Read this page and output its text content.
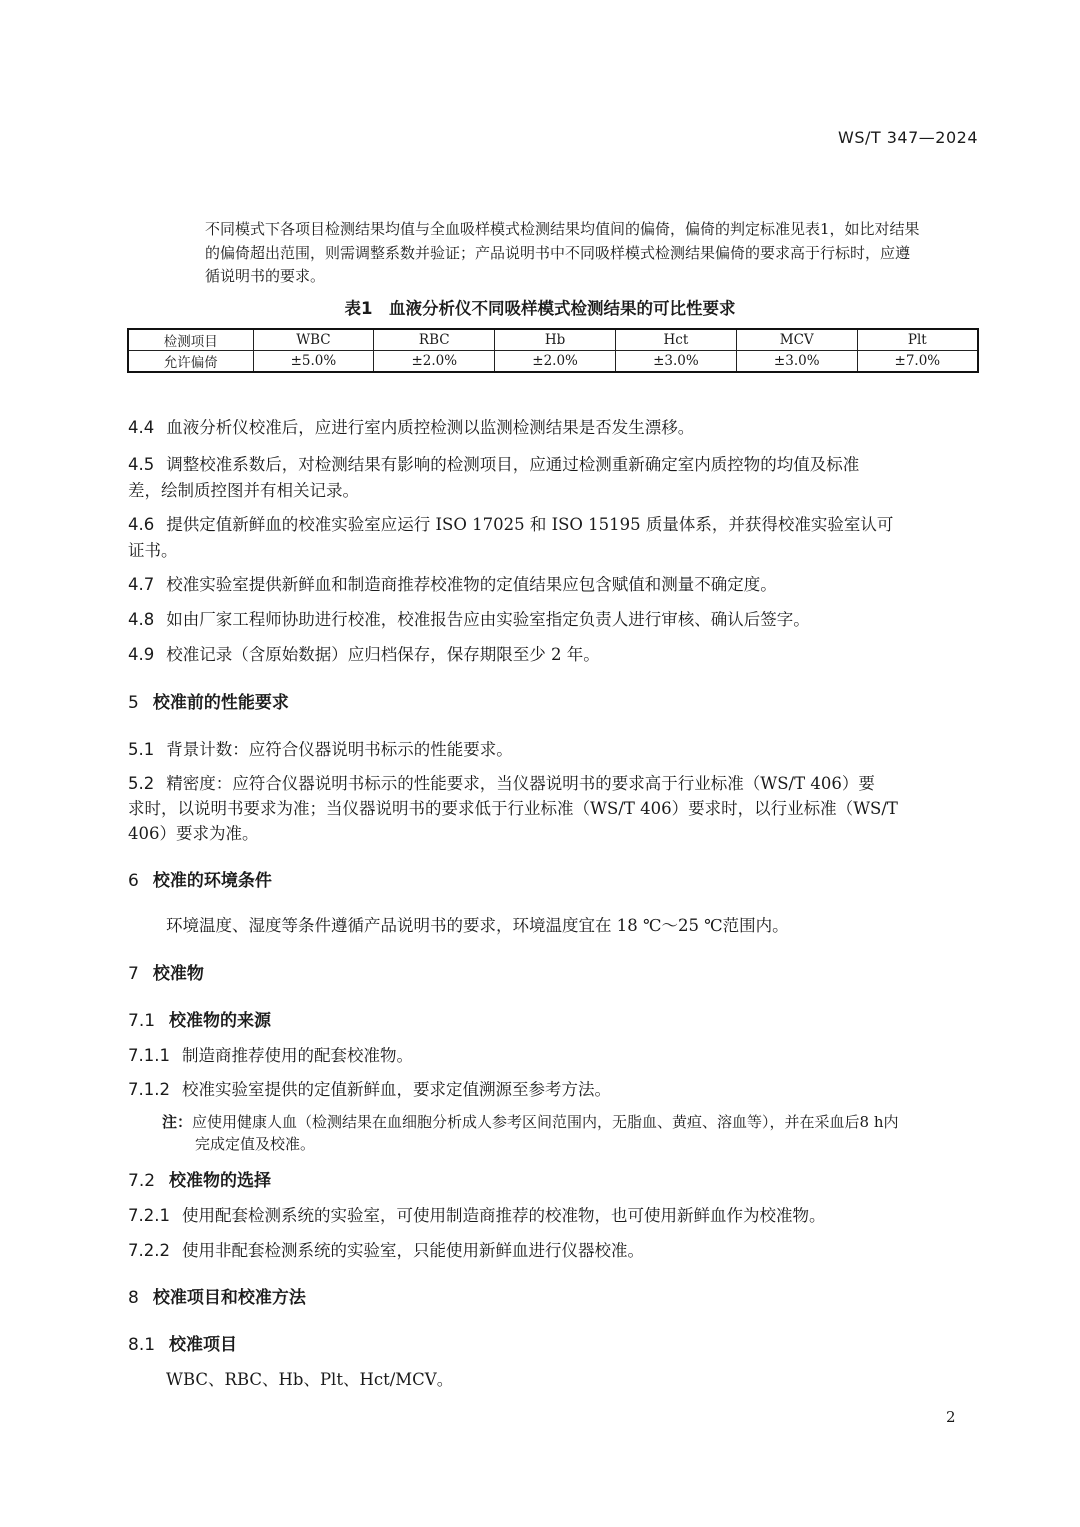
WS/T 347—2024
不同模式下各项目检测结果均值与全血吸样模式检测结果均值间的偏倚，偏倚的判定标准见表1，如比对结果
的偏倚超出范围，则需调整系数并验证；产品说明书中不同吸样模式检测结果偏倚的要求高于行标时，应遵
循说明书的要求。
表1　血液分析仪不同吸样模式检测结果的可比性要求
检测项目	WBC	RBC	Hb	Hct	MCV	Plt
允许偏倚	±5.0%	±2.0%	±2.0%	±3.0%	±3.0%	±7.0%
4.4 血液分析仪校准后，应进行室内质控检测以监测检测结果是否发生漂移。
4.5 调整校准系数后，对检测结果有影响的检测项目，应通过检测重新确定室内质控物的均值及标准
差，绘制质控图并有相关记录。
4.6 提供定值新鲜血的校准实验室应运行 ISO 17025 和 ISO 15195 质量体系，并获得校准实验室认可
证书。
4.7 校准实验室提供新鲜血和制造商推荐校准物的定值结果应包含赋值和测量不确定度。
4.8 如由厂家工程师协助进行校准，校准报告应由实验室指定负责人进行审核、确认后签字。
4.9 校准记录（含原始数据）应归档保存，保存期限至少 2 年。
5 校准前的性能要求
5.1 背景计数：应符合仪器说明书标示的性能要求。
5.2 精密度：应符合仪器说明书标示的性能要求，当仪器说明书的要求高于行业标准（WS/T 406）要
求时，以说明书要求为准；当仪器说明书的要求低于行业标准（WS/T 406）要求时，以行业标准（WS/T
406）要求为准。
6 校准的环境条件
环境温度、湿度等条件遵循产品说明书的要求，环境温度宜在 18 ℃～25 ℃范围内。
7 校准物
7.1 校准物的来源
7.1.1 制造商推荐使用的配套校准物。
7.1.2 校准实验室提供的定值新鲜血，要求定值溯源至参考方法。
注：应使用健康人血（检测结果在血细胞分析成人参考区间范围内，无脂血、黄疸、溶血等），并在采血后8 h内
完成定值及校准。
7.2 校准物的选择
7.2.1 使用配套检测系统的实验室，可使用制造商推荐的校准物，也可使用新鲜血作为校准物。
7.2.2 使用非配套检测系统的实验室，只能使用新鲜血进行仪器校准。
8 校准项目和校准方法
8.1 校准项目
WBC、RBC、Hb、Plt、Hct/MCV。
2
